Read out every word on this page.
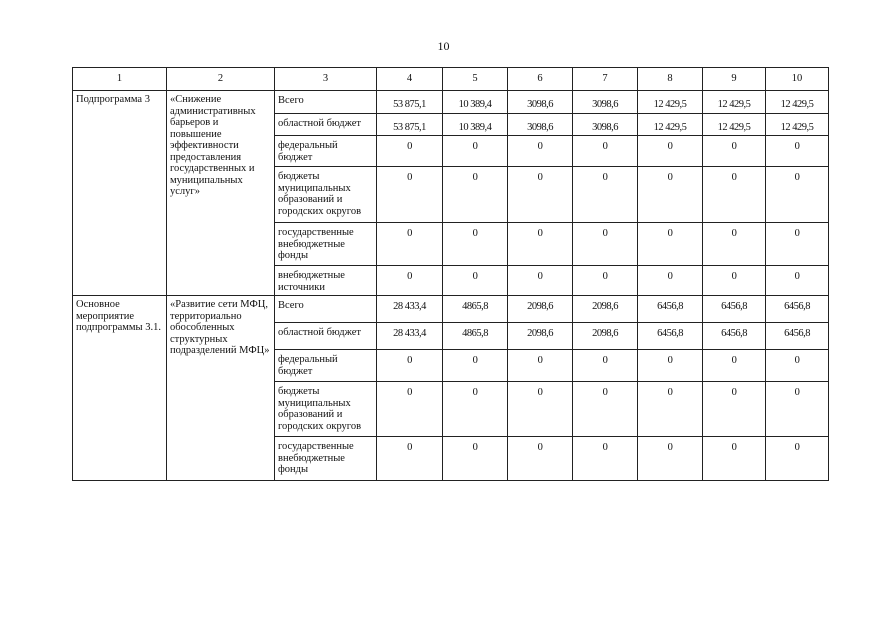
10
1	2	3	4	5	6	7	8	9	10
Подпрограмма 3	«Снижение административных барьеров и повышение эффективности предоставления государственных и муниципальных услуг»	Всего	53 875,1	10 389,4	3098,6	3098,6	12 429,5	12 429,5	12 429,5
		областной бюджет	53 875,1	10 389,4	3098,6	3098,6	12 429,5	12 429,5	12 429,5
		федеральный бюджет	0	0	0	0	0	0	0
		бюджеты муниципальных образований и городских округов	0	0	0	0	0	0	0
		государственные внебюджетные фонды	0	0	0	0	0	0	0
		внебюджетные источники	0	0	0	0	0	0	0
Основное мероприятие подпрограммы 3.1.	«Развитие сети МФЦ, территориально обособленных структурных подразделений МФЦ»	Всего	28 433,4	4865,8	2098,6	2098,6	6456,8	6456,8	6456,8
		областной бюджет	28 433,4	4865,8	2098,6	2098,6	6456,8	6456,8	6456,8
		федеральный бюджет	0	0	0	0	0	0	0
		бюджеты муниципальных образований и городских округов	0	0	0	0	0	0	0
		государственные внебюджетные фонды	0	0	0	0	0	0	0
